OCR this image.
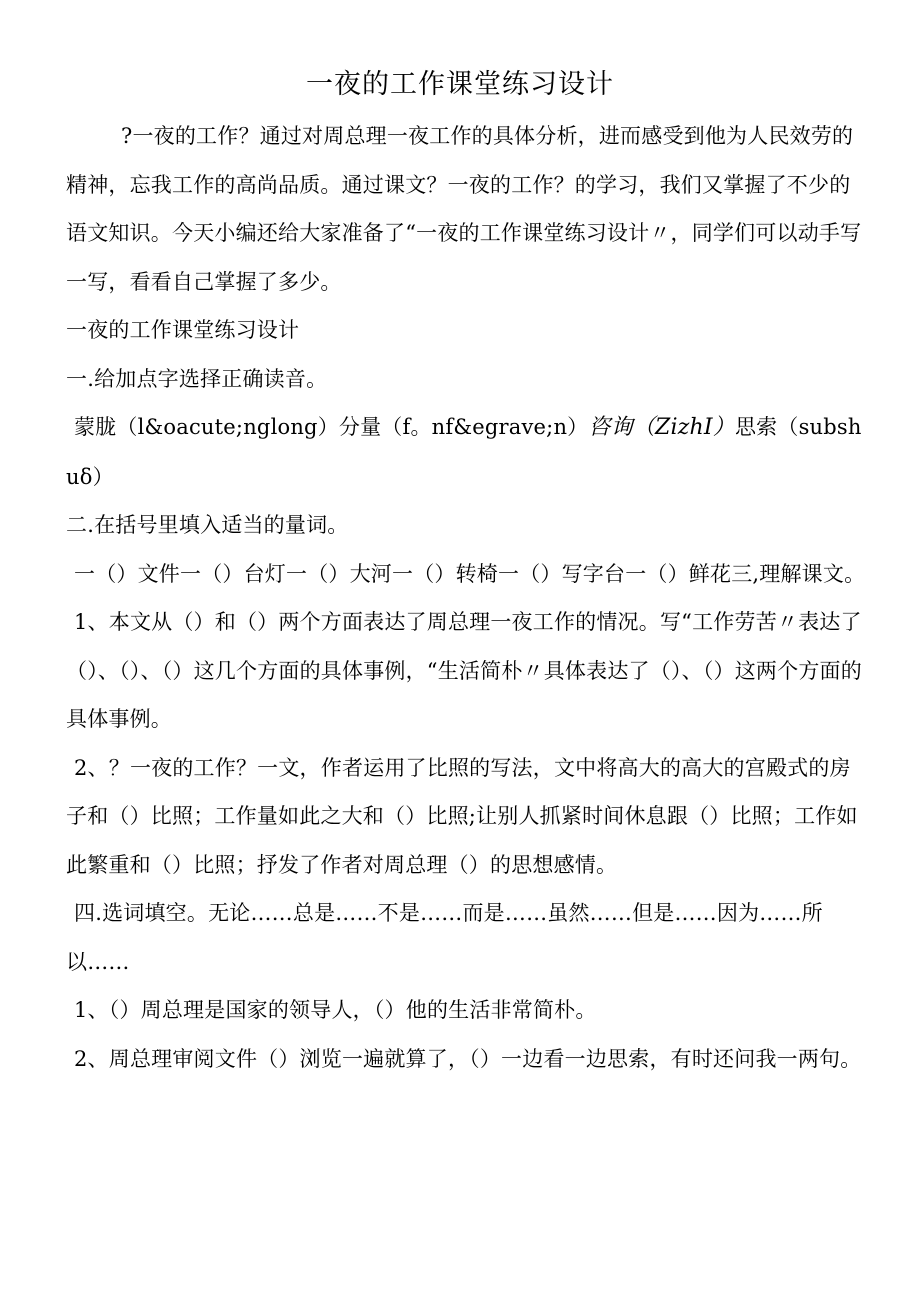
一夜的工作课堂练习设计

?一夜的工作？通过对周总理一夜工作的具体分析，进而感受到他为人民效劳的精神，忘我工作的高尚品质。通过课文？一夜的工作？的学习，我们又掌握了不少的语文知识。今天小编还给大家准备了“一夜的工作课堂练习设计〃，同学们可以动手写一写，看看自己掌握了多少。

一夜的工作课堂练习设计

一.给加点字选择正确读音。

蒙胧（l&oacute;nglong）分量（f。nf&egrave;n）咨询（ZizhI）思索（subshuδ）

二.在括号里填入适当的量词。

一（）文件一（）台灯一（）大河一（）转椅一（）写字台一（）鲜花三,理解课文。

1、本文从（）和（）两个方面表达了周总理一夜工作的情况。写“工作劳苦〃表达了（）、（）、（）这几个方面的具体事例，“生活简朴〃具体表达了（）、（）这两个方面的具体事例。

2、？一夜的工作？一文，作者运用了比照的写法，文中将高大的高大的宫殿式的房子和（）比照；工作量如此之大和（）比照;让别人抓紧时间休息跟（）比照；工作如此繁重和（）比照；抒发了作者对周总理（）的思想感情。

四.选词填空。无论……总是……不是……而是……虽然……但是……因为……所以……

1、（）周总理是国家的领导人，（）他的生活非常简朴。

2、周总理审阅文件（）浏览一遍就算了，（）一边看一边思索，有时还问我一两句。
